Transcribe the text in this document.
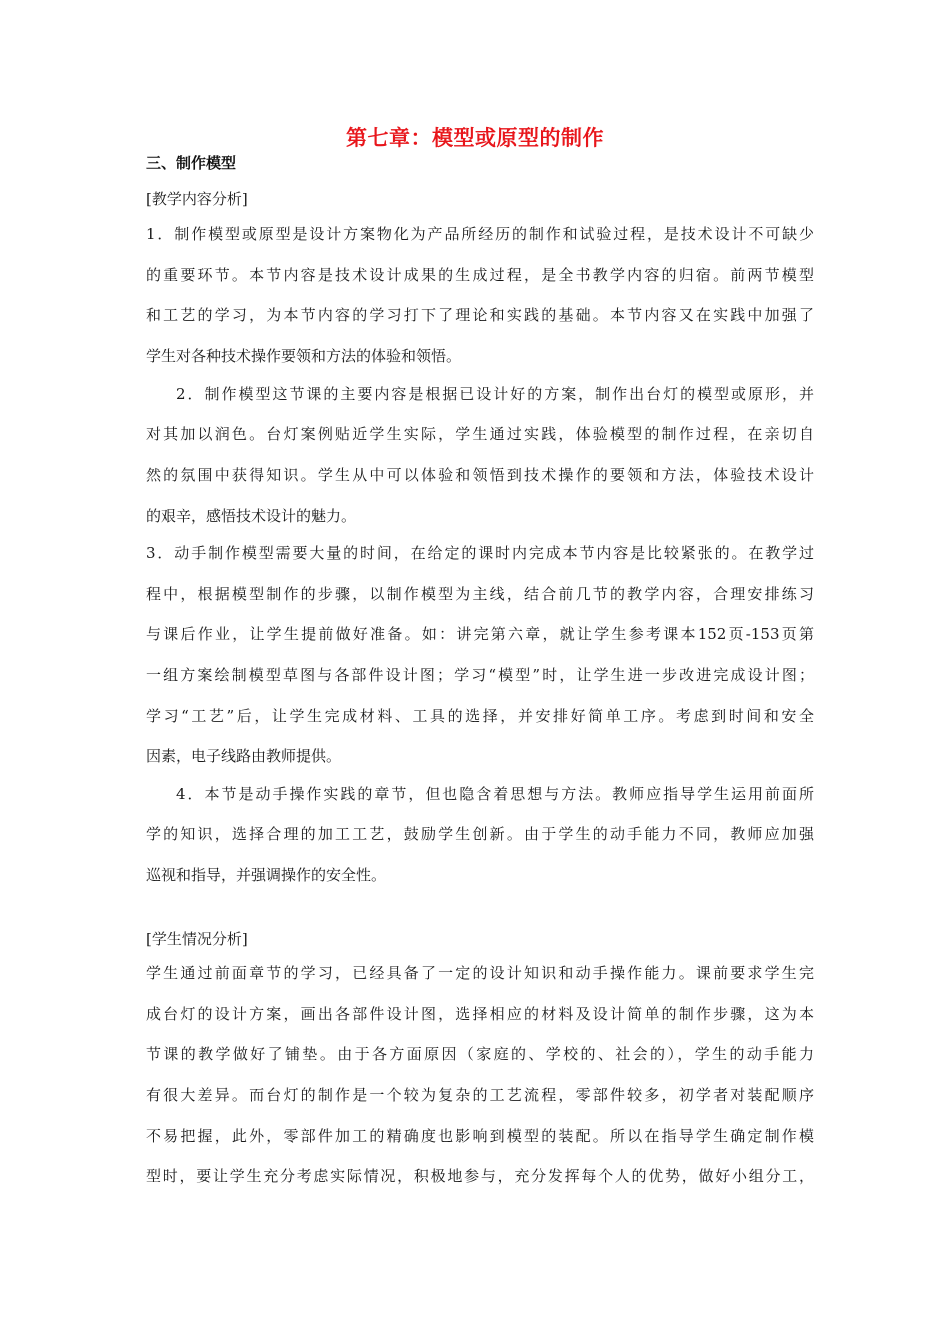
第七章：模型或原型的制作
三、制作模型
[教学内容分析]
1．制作模型或原型是设计方案物化为产品所经历的制作和试验过程，是技术设计不可缺少
的重要环节。本节内容是技术设计成果的生成过程，是全书教学内容的归宿。前两节模型
和工艺的学习，为本节内容的学习打下了理论和实践的基础。本节内容又在实践中加强了
学生对各种技术操作要领和方法的体验和领悟。
2．制作模型这节课的主要内容是根据已设计好的方案，制作出台灯的模型或原形，并
对其加以润色。台灯案例贴近学生实际，学生通过实践，体验模型的制作过程，在亲切自
然的氛围中获得知识。学生从中可以体验和领悟到技术操作的要领和方法，体验技术设计
的艰辛，感悟技术设计的魅力。
3．动手制作模型需要大量的时间，在给定的课时内完成本节内容是比较紧张的。在教学过
程中，根据模型制作的步骤，以制作模型为主线，结合前几节的教学内容，合理安排练习
与课后作业，让学生提前做好准备。如：讲完第六章，就让学生参考课本152页-153页第
一组方案绘制模型草图与各部件设计图；学习“模型”时，让学生进一步改进完成设计图；
学习“工艺”后，让学生完成材料、工具的选择，并安排好简单工序。考虑到时间和安全
因素，电子线路由教师提供。
4．本节是动手操作实践的章节，但也隐含着思想与方法。教师应指导学生运用前面所
学的知识，选择合理的加工工艺，鼓励学生创新。由于学生的动手能力不同，教师应加强
巡视和指导，并强调操作的安全性。
[学生情况分析]
学生通过前面章节的学习，已经具备了一定的设计知识和动手操作能力。课前要求学生完
成台灯的设计方案，画出各部件设计图，选择相应的材料及设计简单的制作步骤，这为本
节课的教学做好了铺垫。由于各方面原因（家庭的、学校的、社会的），学生的动手能力
有很大差异。而台灯的制作是一个较为复杂的工艺流程，零部件较多，初学者对装配顺序
不易把握，此外，零部件加工的精确度也影响到模型的装配。所以在指导学生确定制作模
型时，要让学生充分考虑实际情况，积极地参与，充分发挥每个人的优势，做好小组分工，
